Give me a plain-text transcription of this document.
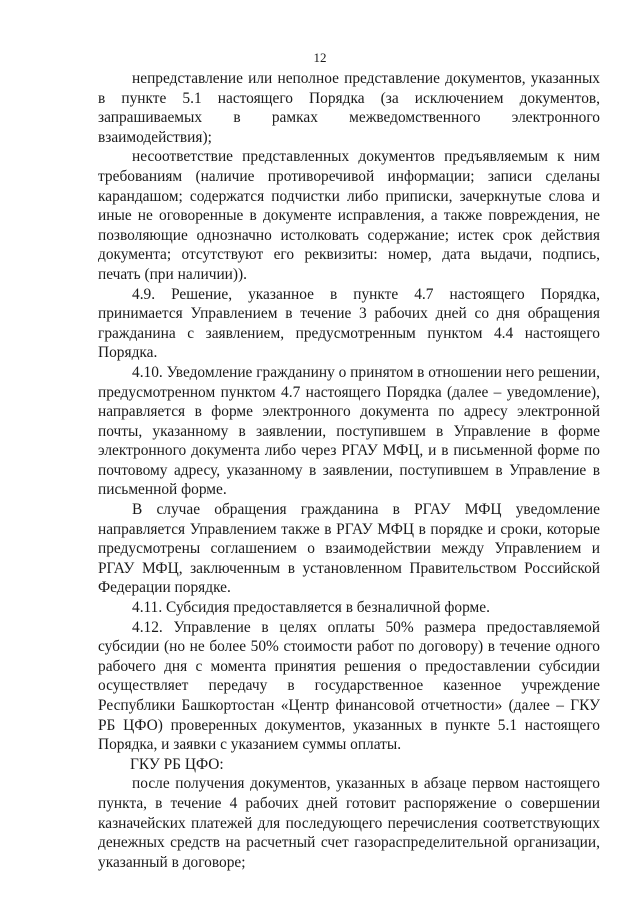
12

непредставление или неполное представление документов, указанных в пункте 5.1 настоящего Порядка (за исключением документов, запрашиваемых в рамках межведомственного электронного взаимодействия);

несоответствие представленных документов предъявляемым к ним требованиям (наличие противоречивой информации; записи сделаны карандашом; содержатся подчистки либо приписки, зачеркнутые слова и иные не оговоренные в документе исправления, а также повреждения, не позволяющие однозначно истолковать содержание; истек срок действия документа; отсутствуют его реквизиты: номер, дата выдачи, подпись, печать (при наличии)).

4.9. Решение, указанное в пункте 4.7 настоящего Порядка, принимается Управлением в течение 3 рабочих дней со дня обращения гражданина с заявлением, предусмотренным пунктом 4.4 настоящего Порядка.

4.10. Уведомление гражданину о принятом в отношении него решении, предусмотренном пунктом 4.7 настоящего Порядка (далее – уведомление), направляется в форме электронного документа по адресу электронной почты, указанному в заявлении, поступившем в Управление в форме электронного документа либо через РГАУ МФЦ, и в письменной форме по почтовому адресу, указанному в заявлении, поступившем в Управление в письменной форме.

В случае обращения гражданина в РГАУ МФЦ уведомление направляется Управлением также в РГАУ МФЦ в порядке и сроки, которые предусмотрены соглашением о взаимодействии между Управлением и РГАУ МФЦ, заключенным в установленном Правительством Российской Федерации порядке.

4.11. Субсидия предоставляется в безналичной форме.

4.12. Управление в целях оплаты 50% размера предоставляемой субсидии (но не более 50% стоимости работ по договору) в течение одного рабочего дня с момента принятия решения о предоставлении субсидии осуществляет передачу в государственное казенное учреждение Республики Башкортостан «Центр финансовой отчетности» (далее – ГКУ РБ ЦФО) проверенных документов, указанных в пункте 5.1 настоящего Порядка, и заявки с указанием суммы оплаты.

ГКУ РБ ЦФО:

после получения документов, указанных в абзаце первом настоящего пункта, в течение 4 рабочих дней готовит распоряжение о совершении казначейских платежей для последующего перечисления соответствующих денежных средств на расчетный счет газораспределительной организации, указанный в договоре;
